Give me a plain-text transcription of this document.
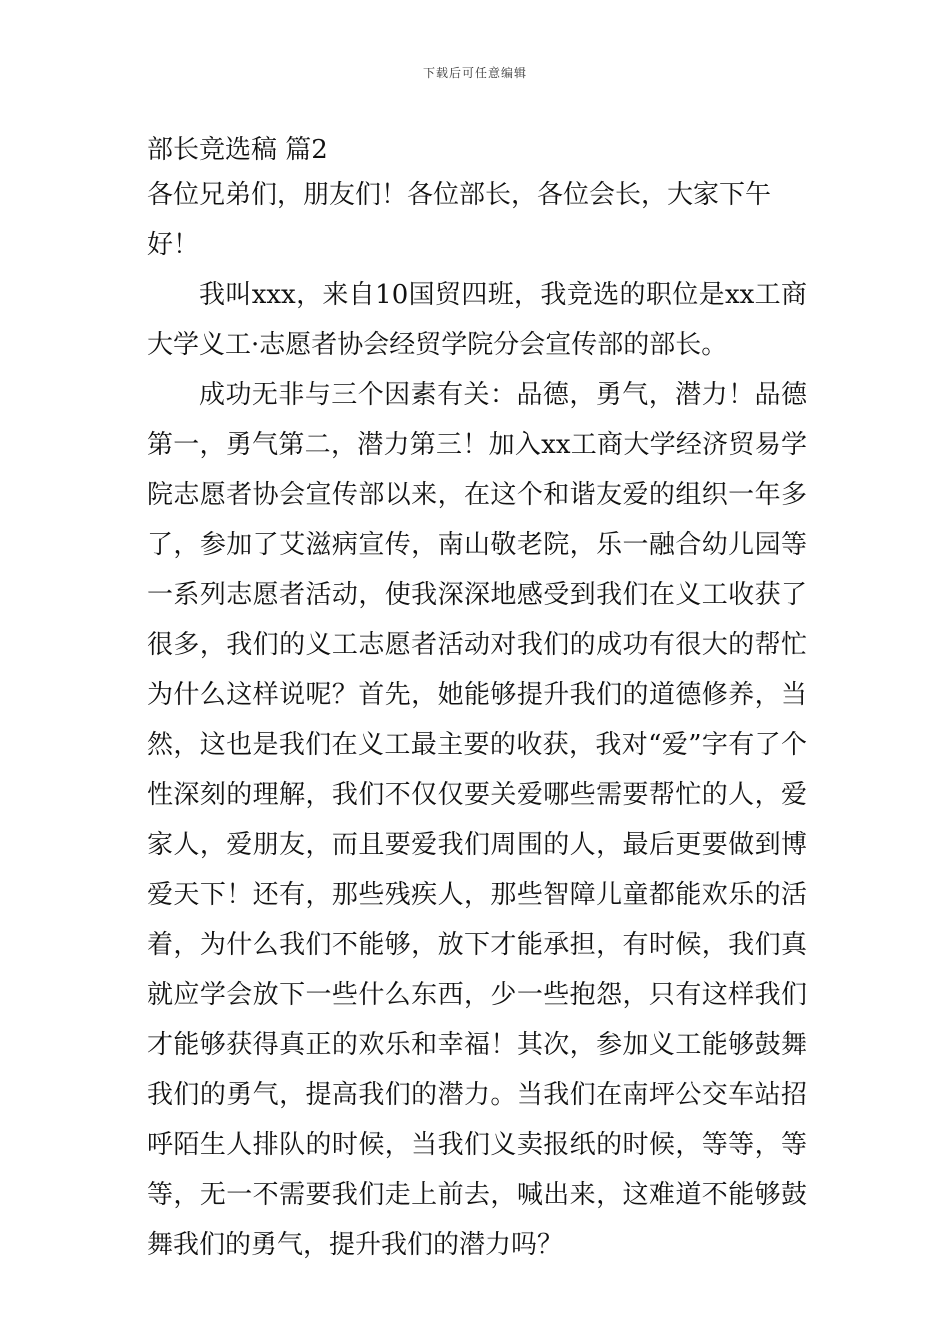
下载后可任意编辑
部长竞选稿 篇2

各位兄弟们，朋友们！各位部长，各位会长，大家下午好！

我叫xxx，来自10国贸四班，我竞选的职位是xx工商大学义工·志愿者协会经贸学院分会宣传部的部长。

成功无非与三个因素有关：品德，勇气，潜力！品德第一，勇气第二，潜力第三！加入xx工商大学经济贸易学院志愿者协会宣传部以来，在这个和谐友爱的组织一年多了，参加了艾滋病宣传，南山敬老院，乐一融合幼儿园等一系列志愿者活动，使我深深地感受到我们在义工收获了很多，我们的义工志愿者活动对我们的成功有很大的帮忙为什么这样说呢？首先，她能够提升我们的道德修养，当然，这也是我们在义工最主要的收获，我对“爱”字有了个性深刻的理解，我们不仅仅要关爱哪些需要帮忙的人，爱家人，爱朋友，而且要爱我们周围的人，最后更要做到博爱天下！还有，那些残疾人，那些智障儿童都能欢乐的活着，为什么我们不能够，放下才能承担，有时候，我们真就应学会放下一些什么东西，少一些抱怨，只有这样我们才能够获得真正的欢乐和幸福！其次，参加义工能够鼓舞我们的勇气，提高我们的潜力。当我们在南坪公交车站招呼陌生人排队的时候，当我们义卖报纸的时候，等等，等等，无一不需要我们走上前去，喊出来，这难道不能够鼓舞我们的勇气，提升我们的潜力吗？
